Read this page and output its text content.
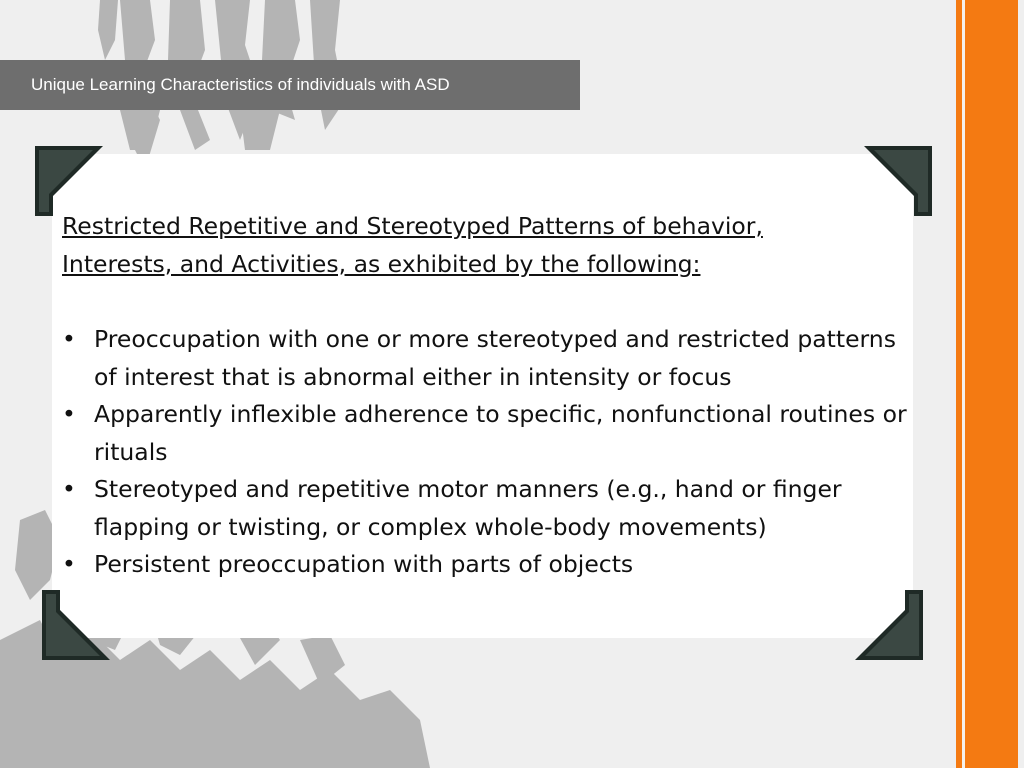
Unique Learning Characteristics of individuals with ASD

Restricted Repetitive and Stereotyped Patterns of behavior,
Interests, and Activities, as exhibited by the following:

• Preoccupation with one or more stereotyped and restricted patterns of interest that is abnormal either in intensity or focus
• Apparently inflexible adherence to specific, nonfunctional routines or rituals
• Stereotyped and repetitive motor manners (e.g., hand or finger flapping or twisting, or complex whole-body movements)
• Persistent preoccupation with parts of objects
